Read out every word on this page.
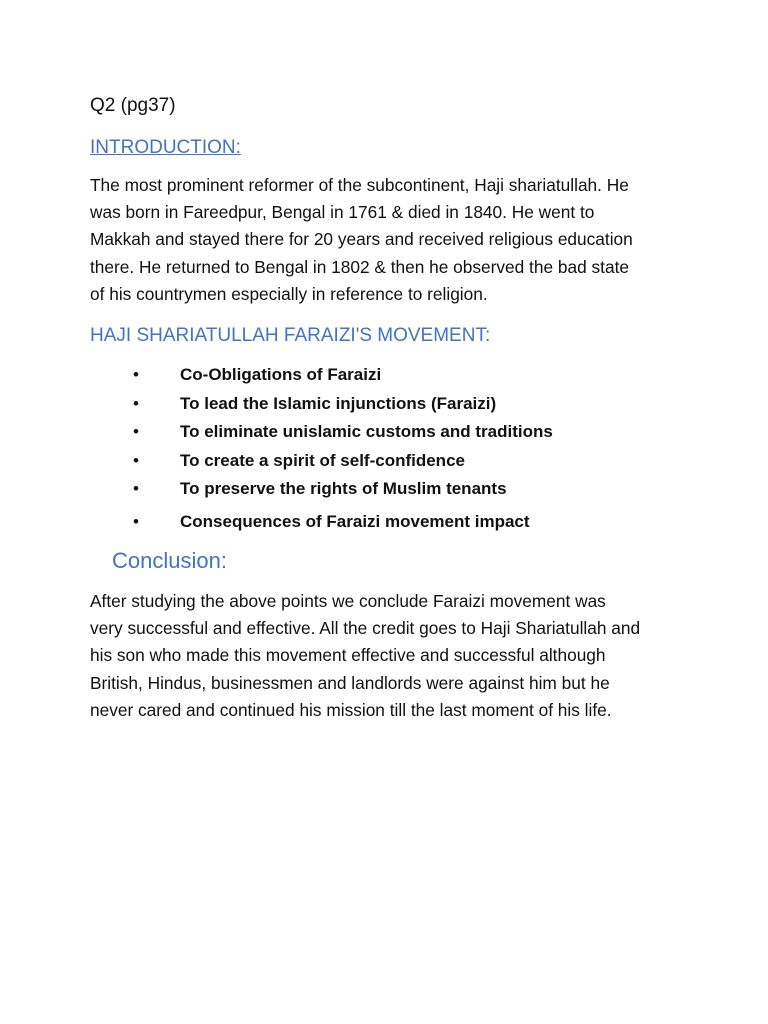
Q2 (pg37)
INTRODUCTION:

The most prominent reformer of the subcontinent, Haji shariatullah. He
was born in Fareedpur, Bengal in 1761 & died in 1840. He went to
Makkah and stayed there for 20 years and received religious education
there. He returned to Bengal in 1802 & then he observed the bad state
of his countrymen especially in reference to religion.

HAJI SHARIATULLAH FARAIZI'S MOVEMENT:
• Co-Obligations of Faraizi
• To lead the Islamic injunctions (Faraizi)
• To eliminate unislamic customs and traditions
• To create a spirit of self-confidence
• To preserve the rights of Muslim tenants
• Consequences of Faraizi movement impact
Conclusion:

After studying the above points we conclude Faraizi movement was
very successful and effective. All the credit goes to Haji Shariatullah and
his son who made this movement effective and successful although
British, Hindus, businessmen and landlords were against him but he
never cared and continued his mission till the last moment of his life.
